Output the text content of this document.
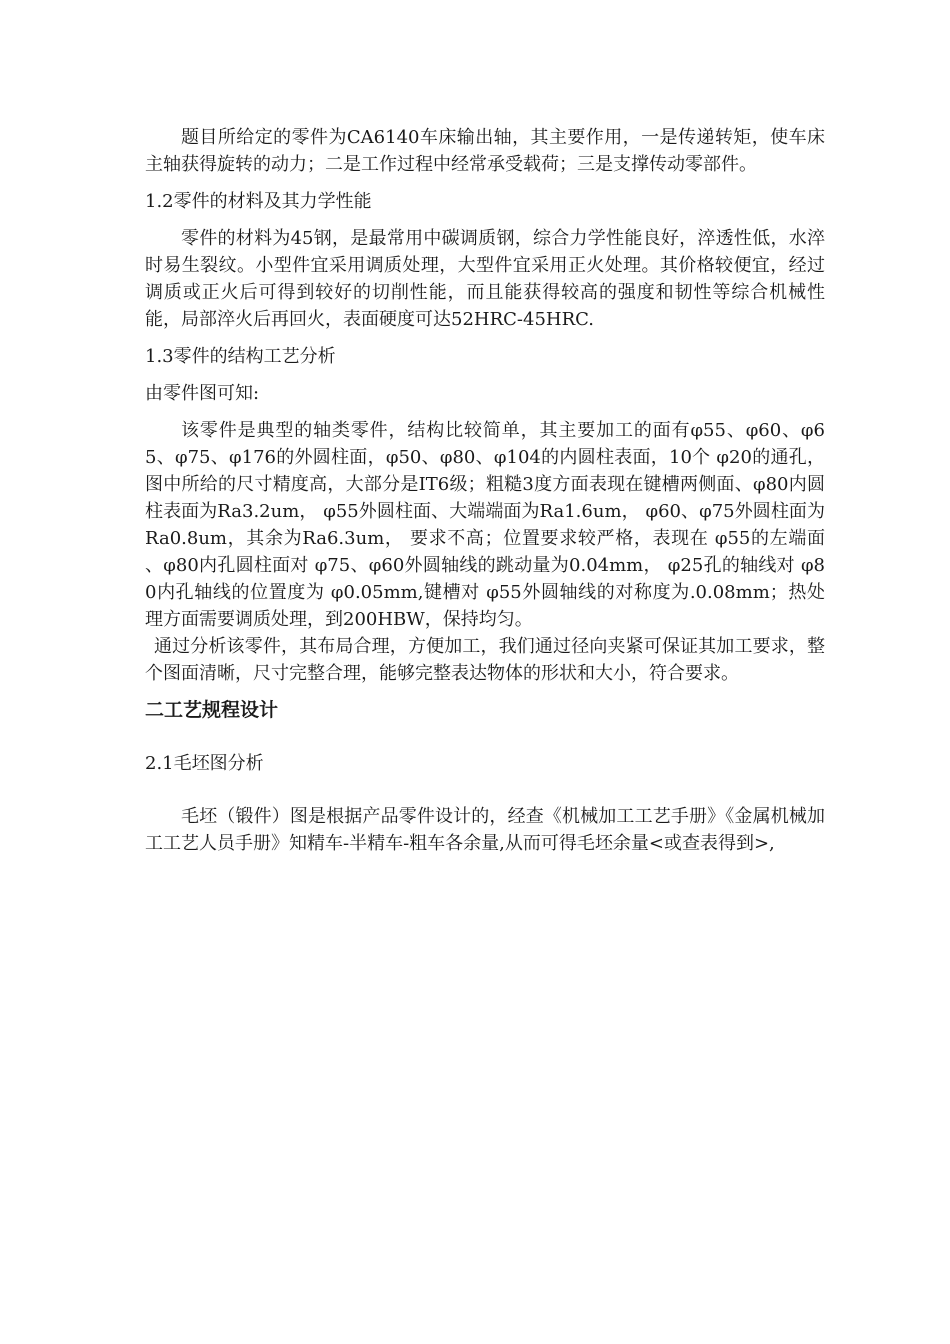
题目所给定的零件为CA6140车床输出轴，其主要作用，一是传递转矩，使车床主轴获得旋转的动力；二是工作过程中经常承受载荷；三是支撑传动零部件。

1.2零件的材料及其力学性能

零件的材料为45钢，是最常用中碳调质钢，综合力学性能良好，淬透性低，水淬时易生裂纹。小型件宜采用调质处理，大型件宜采用正火处理。其价格较便宜，经过调质或正火后可得到较好的切削性能，而且能获得较高的强度和韧性等综合机械性能，局部淬火后再回火，表面硬度可达52HRC-45HRC.

1.3零件的结构工艺分析

由零件图可知:

该零件是典型的轴类零件，结构比较简单，其主要加工的面有φ55、φ60、φ65、φ75、φ176的外圆柱面，φ50、φ80、φ104的内圆柱表面，10个 φ20的通孔，图中所给的尺寸精度高，大部分是IT6级；粗糙3度方面表现在键槽两侧面、φ80内圆柱表面为Ra3.2um， φ55外圆柱面、大端端面为Ra1.6um， φ60、φ75外圆柱面为Ra0.8um，其余为Ra6.3um， 要求不高；位置要求较严格，表现在 φ55的左端面 、φ80内孔圆柱面对 φ75、φ60外圆轴线的跳动量为0.04mm， φ25孔的轴线对 φ80内孔轴线的位置度为 φ0.05mm,键槽对 φ55外圆轴线的对称度为.0.08mm；热处理方面需要调质处理，到200HBW，保持均匀。

通过分析该零件，其布局合理，方便加工，我们通过径向夹紧可保证其加工要求，整个图面清晰，尺寸完整合理，能够完整表达物体的形状和大小，符合要求。

二工艺规程设计

2.1毛坯图分析

毛坯（锻件）图是根据产品零件设计的，经查《机械加工工艺手册》《金属机械加工工艺人员手册》知精车-半精车-粗车各余量,从而可得毛坯余量<或查表得到>,
